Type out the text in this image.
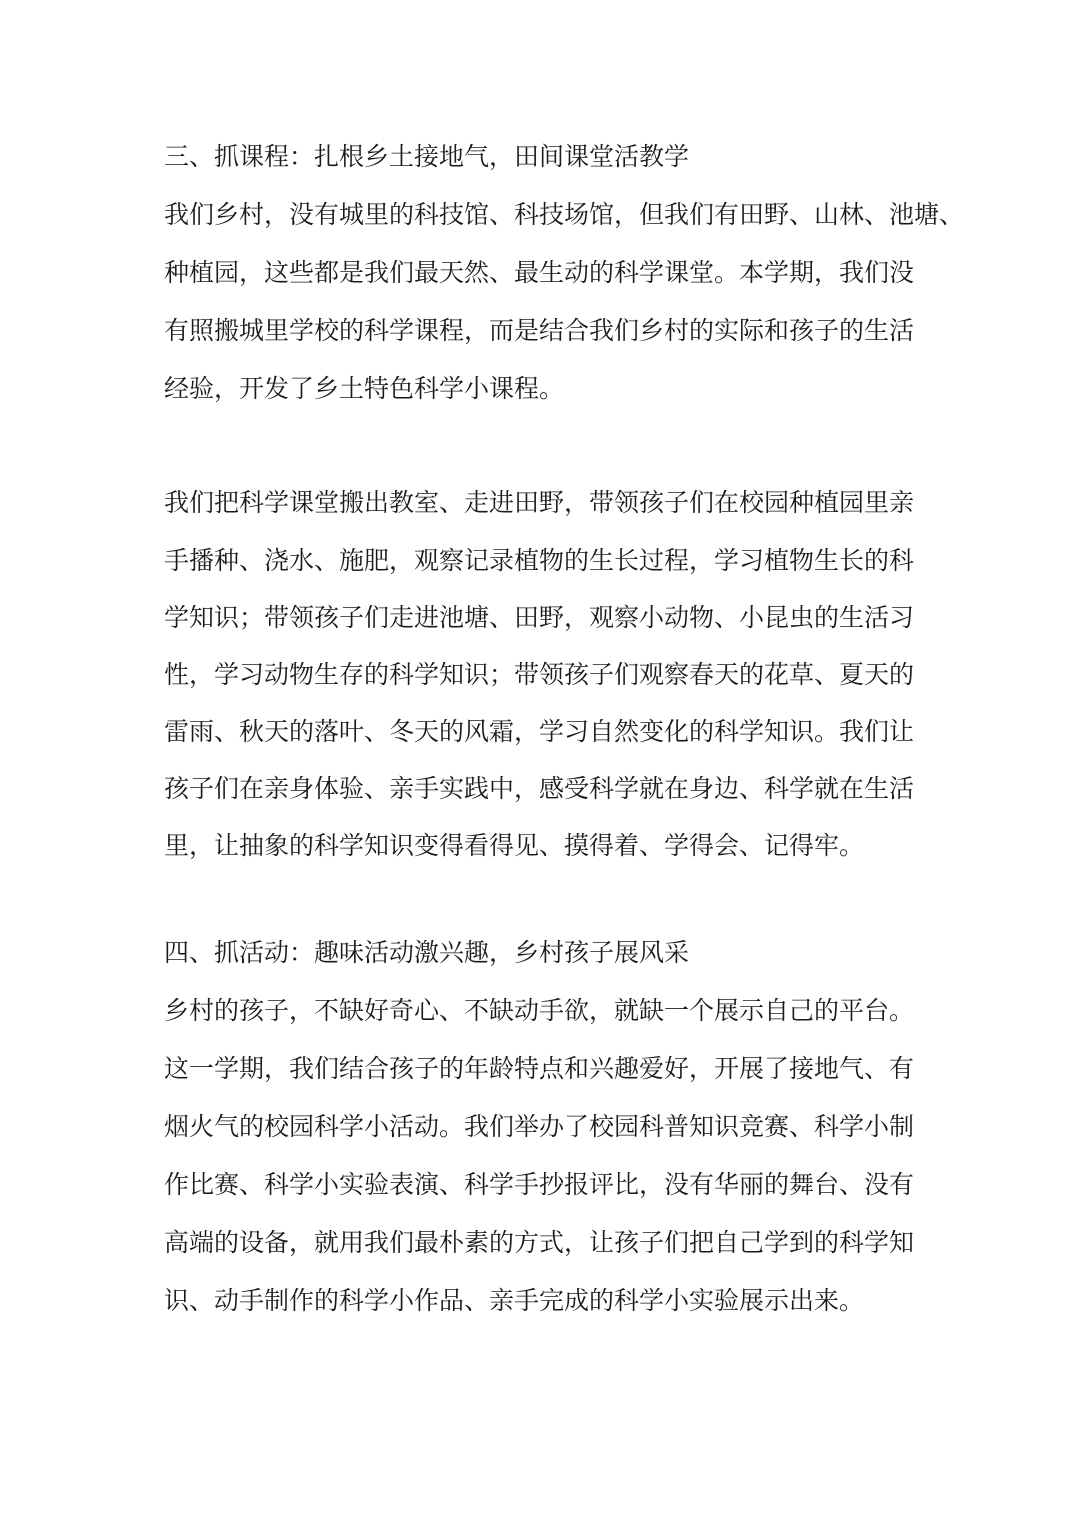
三、抓课程：扎根乡土接地气，田间课堂活教学

我们乡村，没有城里的科技馆、科技场馆，但我们有田野、山林、池塘、

种植园，这些都是我们最天然、最生动的科学课堂。本学期，我们没

有照搬城里学校的科学课程，而是结合我们乡村的实际和孩子的生活

经验，开发了乡土特色科学小课程。

我们把科学课堂搬出教室、走进田野，带领孩子们在校园种植园里亲

手播种、浇水、施肥，观察记录植物的生长过程，学习植物生长的科

学知识；带领孩子们走进池塘、田野，观察小动物、小昆虫的生活习

性，学习动物生存的科学知识；带领孩子们观察春天的花草、夏天的

雷雨、秋天的落叶、冬天的风霜，学习自然变化的科学知识。我们让

孩子们在亲身体验、亲手实践中，感受科学就在身边、科学就在生活

里，让抽象的科学知识变得看得见、摸得着、学得会、记得牢。

四、抓活动：趣味活动激兴趣，乡村孩子展风采

乡村的孩子，不缺好奇心、不缺动手欲，就缺一个展示自己的平台。

这一学期，我们结合孩子的年龄特点和兴趣爱好，开展了接地气、有

烟火气的校园科学小活动。我们举办了校园科普知识竞赛、科学小制

作比赛、科学小实验表演、科学手抄报评比，没有华丽的舞台、没有

高端的设备，就用我们最朴素的方式，让孩子们把自己学到的科学知

识、动手制作的科学小作品、亲手完成的科学小实验展示出来。
